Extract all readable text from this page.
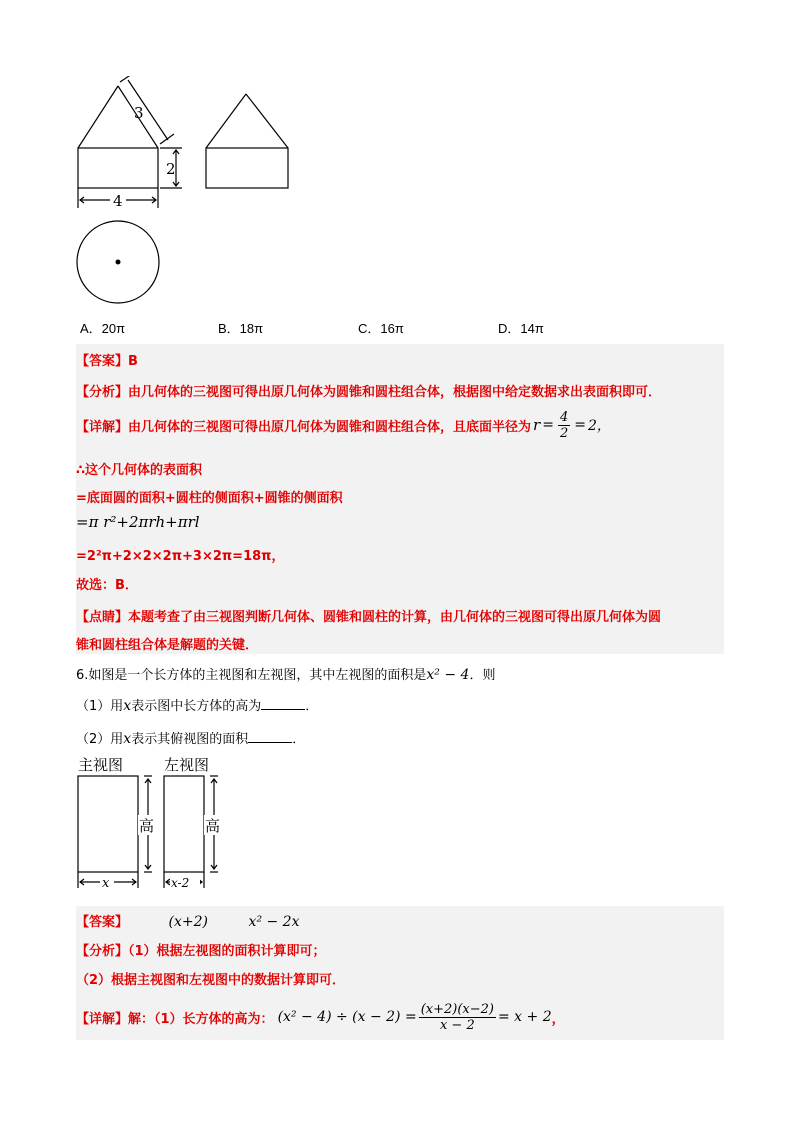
3
2
4
A．20π	B．18π	C．16π	D．14π
【答案】B
【分析】由几何体的三视图可得出原几何体为圆锥和圆柱组合体，根据图中给定数据求出表面积即可．
【详解】 由几何体的三视图可得出原几何体为圆锥和圆柱组合体，且底面半径为 $r = \frac{4}{2} = 2$，
∴这个几何体的表面积
=底面圆的面积+圆柱的侧面积+圆锥的侧面积
=π r²+2πrh+πrl
=2²π+2×2×2π+3×2π=18π，
故选：B．
【点睛】本题考查了由三视图判断几何体、圆锥和圆柱的计算，由几何体的三视图可得出原几何体为圆
锥和圆柱组合体是解题的关键．
6.如图是一个长方体的主视图和左视图，其中左视图的面积是x² − 4．则
（1）用x表示图中长方体的高为	．
（2）用x表示其俯视图的面积	．
主视图	左视图
高	高
x	x-2
【答案】	(x+2)	x² − 2x
【分析】（1）根据左视图的面积计算即可；
（2）根据主视图和左视图中的数据计算即可．
【详解】 解：（1）长方体的高为： $(x^2 - 4) \div (x - 2) = \frac{(x+2)(x-2)}{x - 2} = x + 2$ ，
